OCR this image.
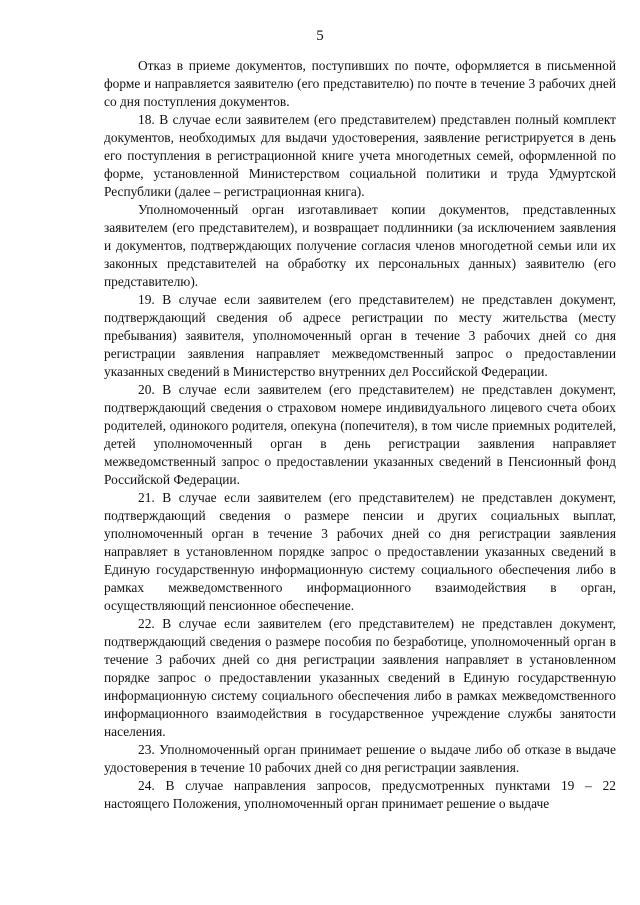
5

Отказ в приеме документов, поступивших по почте, оформляется в письменной форме и направляется заявителю (его представителю) по почте в течение 3 рабочих дней со дня поступления документов.

18. В случае если заявителем (его представителем) представлен полный комплект документов, необходимых для выдачи удостоверения, заявление регистрируется в день его поступления в регистрационной книге учета многодетных семей, оформленной по форме, установленной Министерством социальной политики и труда Удмуртской Республики (далее – регистрационная книга).

Уполномоченный орган изготавливает копии документов, представленных заявителем (его представителем), и возвращает подлинники (за исключением заявления и документов, подтверждающих получение согласия членов многодетной семьи или их законных представителей на обработку их персональных данных) заявителю (его представителю).

19. В случае если заявителем (его представителем) не представлен документ, подтверждающий сведения об адресе регистрации по месту жительства (месту пребывания) заявителя, уполномоченный орган в течение 3 рабочих дней со дня регистрации заявления направляет межведомственный запрос о предоставлении указанных сведений в Министерство внутренних дел Российской Федерации.

20. В случае если заявителем (его представителем) не представлен документ, подтверждающий сведения о страховом номере индивидуального лицевого счета обоих родителей, одинокого родителя, опекуна (попечителя), в том числе приемных родителей, детей уполномоченный орган в день регистрации заявления направляет межведомственный запрос о предоставлении указанных сведений в Пенсионный фонд Российской Федерации.

21. В случае если заявителем (его представителем) не представлен документ, подтверждающий сведения о размере пенсии и других социальных выплат, уполномоченный орган в течение 3 рабочих дней со дня регистрации заявления направляет в установленном порядке запрос о предоставлении указанных сведений в Единую государственную информационную систему социального обеспечения либо в рамках межведомственного информационного взаимодействия в орган, осуществляющий пенсионное обеспечение.

22. В случае если заявителем (его представителем) не представлен документ, подтверждающий сведения о размере пособия по безработице, уполномоченный орган в течение 3 рабочих дней со дня регистрации заявления направляет в установленном порядке запрос о предоставлении указанных сведений в Единую государственную информационную систему социального обеспечения либо в рамках межведомственного информационного взаимодействия в государственное учреждение службы занятости населения.

23. Уполномоченный орган принимает решение о выдаче либо об отказе в выдаче удостоверения в течение 10 рабочих дней со дня регистрации заявления.

24. В случае направления запросов, предусмотренных пунктами 19 – 22 настоящего Положения, уполномоченный орган принимает решение о выдаче
